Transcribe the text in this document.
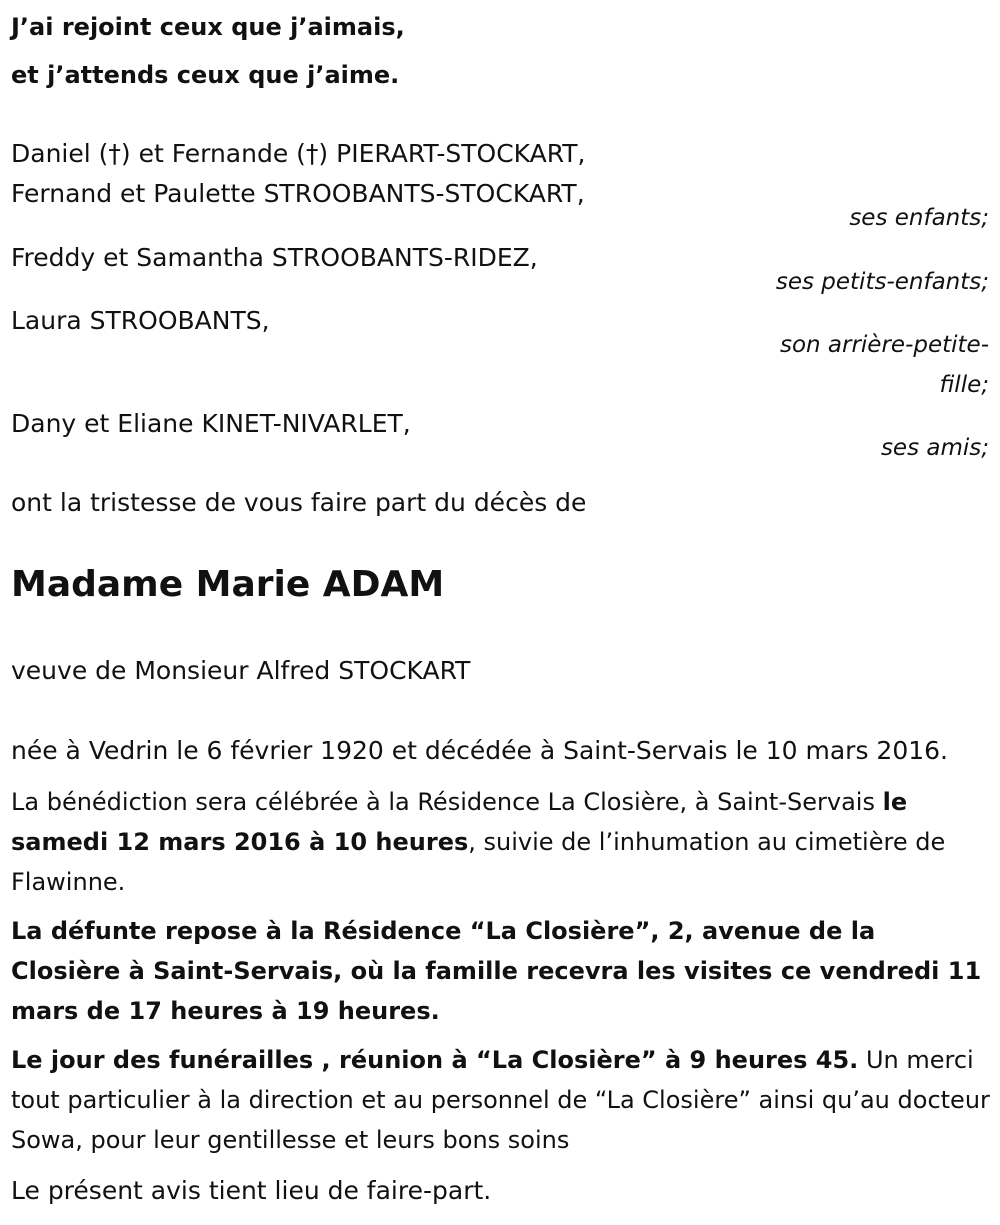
J’ai rejoint ceux que j’aimais,
et j’attends ceux que j’aime.
Daniel (†) et Fernande (†) PIERART-STOCKART,
Fernand et Paulette STROOBANTS-STOCKART,
ses enfants;
Freddy et Samantha STROOBANTS-RIDEZ,
ses petits-enfants;
Laura STROOBANTS,
son arrière-petite-
fille;
Dany et Eliane KINET-NIVARLET,
ses amis;
ont la tristesse de vous faire part du décès de
Madame Marie ADAM
veuve de Monsieur Alfred STOCKART
née à Vedrin le 6 février 1920 et décédée à Saint-Servais le 10 mars 2016.
La bénédiction sera célébrée à la Résidence La Closière, à Saint-Servais le samedi 12 mars 2016 à 10 heures, suivie de l’inhumation au cimetière de Flawinne.
La défunte repose à la Résidence “La Closière”, 2, avenue de la Closière à Saint-Servais, où la famille recevra les visites ce vendredi 11 mars de 17 heures à 19 heures.
Le jour des funérailles , réunion à “La Closière” à 9 heures 45. Un merci tout particulier à la direction et au personnel de “La Closière” ainsi qu’au docteur Sowa, pour leur gentillesse et leurs bons soins
Le présent avis tient lieu de faire-part.
